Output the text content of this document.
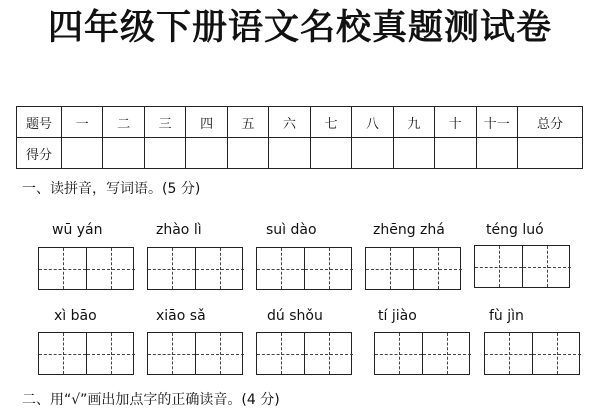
四年级下册语文名校真题测试卷
题号	一	二	三	四	五	六	七	八	九	十	十一	总分
得分												
一、读拼音，写词语。(5 分)
wū yán	zhào lì	suì dào	zhēng zhá	téng luó
xì bāo	xiāo sǎ	dú shǒu	tí jiào	fù jìn
二、用“√”画出加点字的正确读音。(4 分)
